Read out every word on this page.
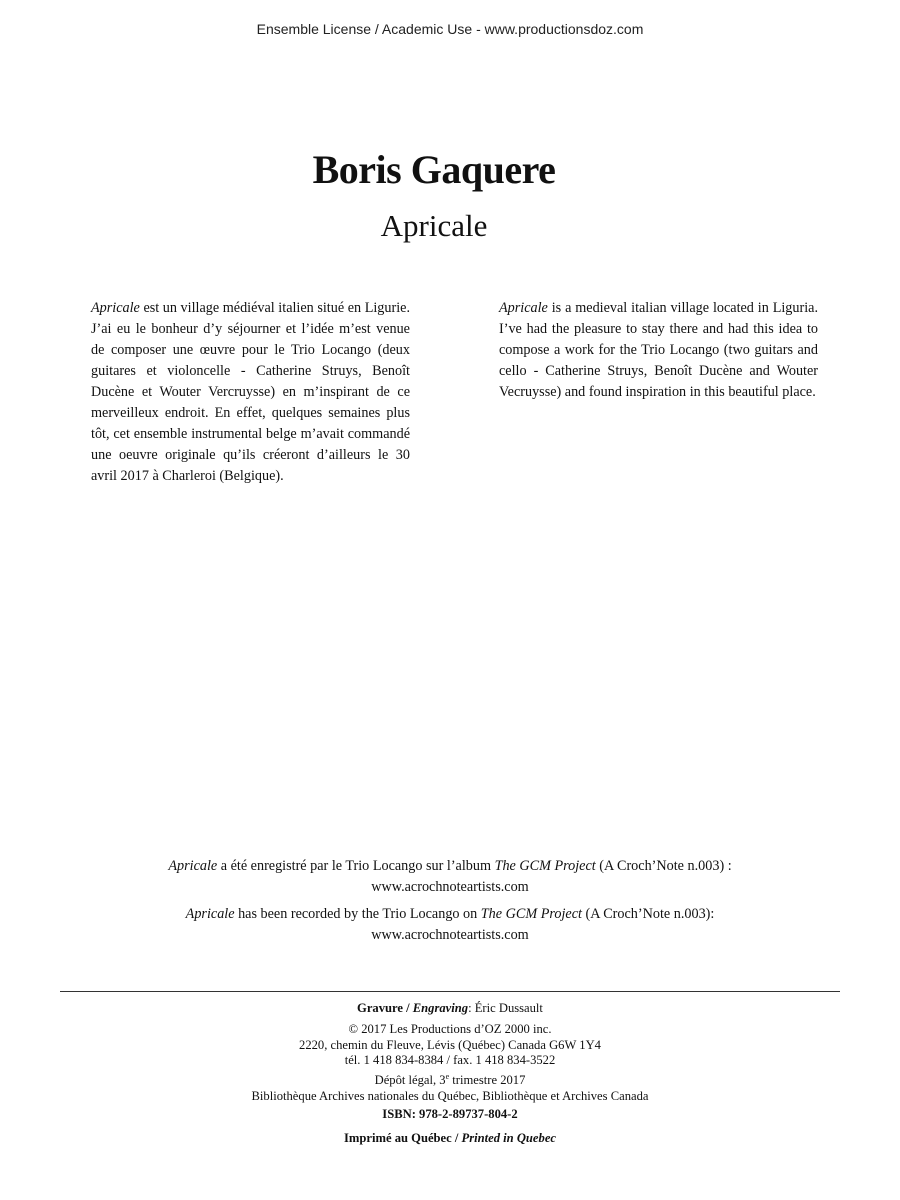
Ensemble License / Academic Use - www.productionsdoz.com
Boris Gaquere
Apricale
Apricale est un village médiéval italien situé en Ligurie. J’ai eu le bonheur d’y séjourner et l’idée m’est venue de composer une œuvre pour le Trio Locango (deux guitares et violoncelle - Catherine Struys, Benoît Ducène et Wouter Vercruysse) en m’inspirant de ce merveilleux endroit. En effet, quelques semaines plus tôt, cet ensemble instrumental belge m’avait commandé une oeuvre originale qu’ils créeront d’ailleurs le 30 avril 2017 à Charleroi (Belgique).
Apricale is a medieval italian village located in Liguria. I’ve had the pleasure to stay there and had this idea to compose a work for the Trio Locango (two guitars and cello - Catherine Struys, Benoît Ducène and Wouter Vecruysse) and found inspiration in this beautiful place.
Apricale a été enregistré par le Trio Locango sur l’album The GCM Project (A Croch’Note n.003) :
www.acrochnoteartists.com
Apricale has been recorded by the Trio Locango on The GCM Project (A Croch’Note n.003):
www.acrochnoteartists.com
Gravure / Engraving: Éric Dussault
© 2017 Les Productions d’OZ 2000 inc.
2220, chemin du Fleuve, Lévis (Québec) Canada G6W 1Y4
tél. 1 418 834-8384 / fax. 1 418 834-3522
Dépôt légal, 3e trimestre 2017
Bibliothèque Archives nationales du Québec, Bibliothèque et Archives Canada
ISBN: 978-2-89737-804-2
Imprimé au Québec / Printed in Quebec
